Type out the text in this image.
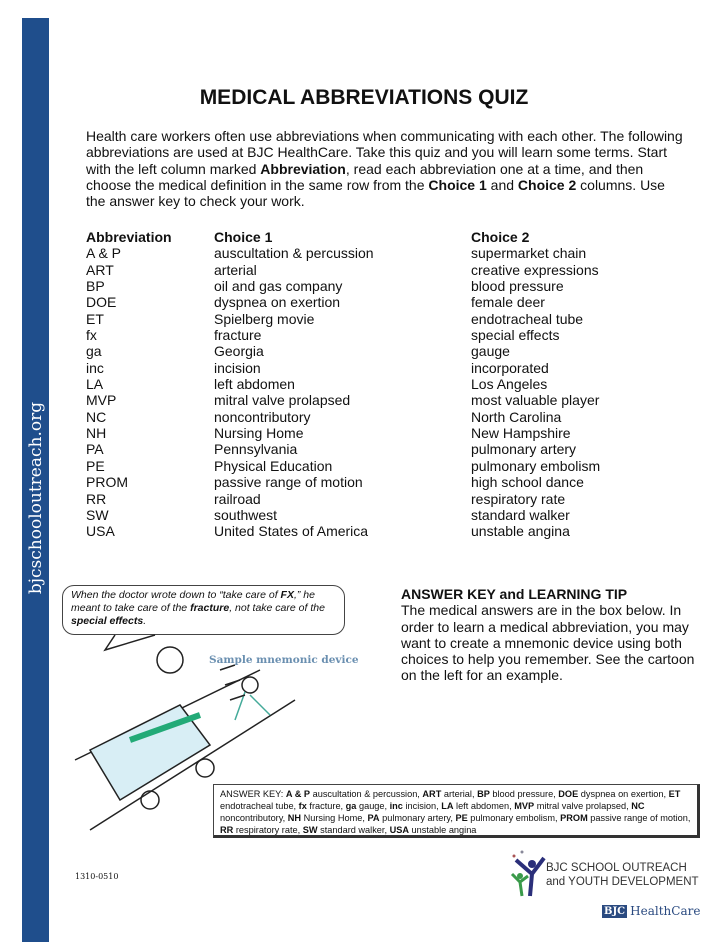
bjcschooloutreach.org
MEDICAL ABBREVIATIONS QUIZ
Health care workers often use abbreviations when communicating with each other. The following abbreviations are used at BJC HealthCare. Take this quiz and you will learn some terms. Start with the left column marked Abbreviation, read each abbreviation one at a time, and then choose the medical definition in the same row from the Choice 1 and Choice 2 columns. Use the answer key to check your work.
Abbreviation	Choice 1	Choice 2
A & P	auscultation & percussion	supermarket chain
ART	arterial	creative expressions
BP	oil and gas company	blood pressure
DOE	dyspnea on exertion	female deer
ET	Spielberg movie	endotracheal tube
fx	fracture	special effects
ga	Georgia	gauge
inc	incision	incorporated
LA	left abdomen	Los Angeles
MVP	mitral valve prolapsed	most valuable player
NC	noncontributory	North Carolina
NH	Nursing Home	New Hampshire
PA	Pennsylvania	pulmonary artery
PE	Physical Education	pulmonary embolism
PROM	passive range of motion	high school dance
RR	railroad	respiratory rate
SW	southwest	standard walker
USA	United States of America	unstable angina
When the doctor wrote down to “take care of FX,” he meant to take care of the fracture, not take care of the special effects.
Sample mnemonic device
ANSWER KEY and LEARNING TIP
The medical answers are in the box below. In order to learn a medical abbreviation, you may want to create a mnemonic device using both choices to help you remember. See the cartoon on the left for an example.
ANSWER KEY: A & P auscultation & percussion, ART arterial, BP blood pressure, DOE dyspnea on exertion, ET endotracheal tube, fx fracture, ga gauge, inc incision, LA left abdomen, MVP mitral valve prolapsed, NC noncontributory, NH Nursing Home, PA pulmonary artery, PE pulmonary embolism, PROM passive range of motion, RR respiratory rate, SW standard walker, USA unstable angina
1310-0510
BJC SCHOOL OUTREACH
and YOUTH DEVELOPMENT
BJC HealthCare
